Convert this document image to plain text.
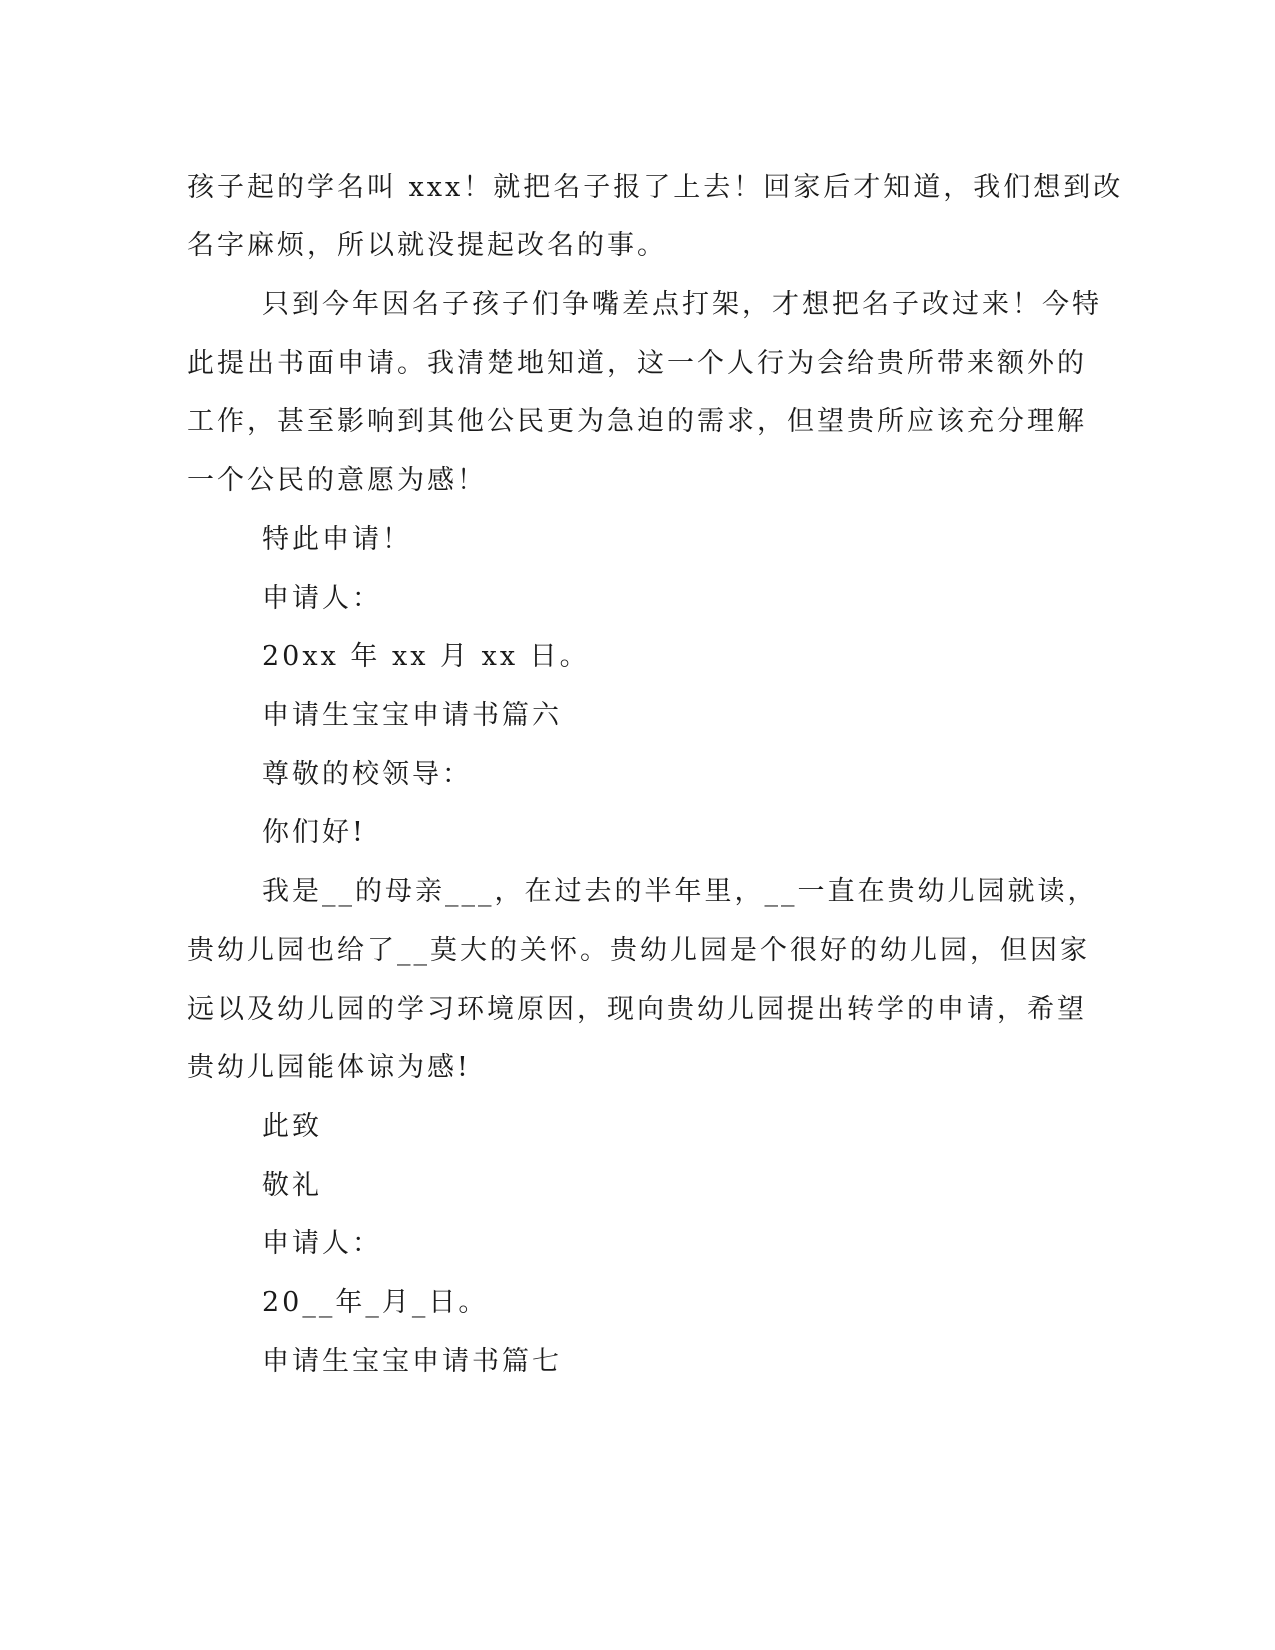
孩子起的学名叫 xxx！就把名子报了上去！回家后才知道，我们想到改
名字麻烦，所以就没提起改名的事。
只到今年因名子孩子们争嘴差点打架，才想把名子改过来！今特
此提出书面申请。我清楚地知道，这一个人行为会给贵所带来额外的
工作，甚至影响到其他公民更为急迫的需求，但望贵所应该充分理解
一个公民的意愿为感！
特此申请！
申请人：
20xx 年 xx 月 xx 日。
申请生宝宝申请书篇六
尊敬的校领导：
你们好!
我是__的母亲___，在过去的半年里，__一直在贵幼儿园就读，
贵幼儿园也给了__莫大的关怀。贵幼儿园是个很好的幼儿园，但因家
远以及幼儿园的学习环境原因，现向贵幼儿园提出转学的申请，希望
贵幼儿园能体谅为感!
此致
敬礼
申请人：
20__年_月_日。
申请生宝宝申请书篇七
